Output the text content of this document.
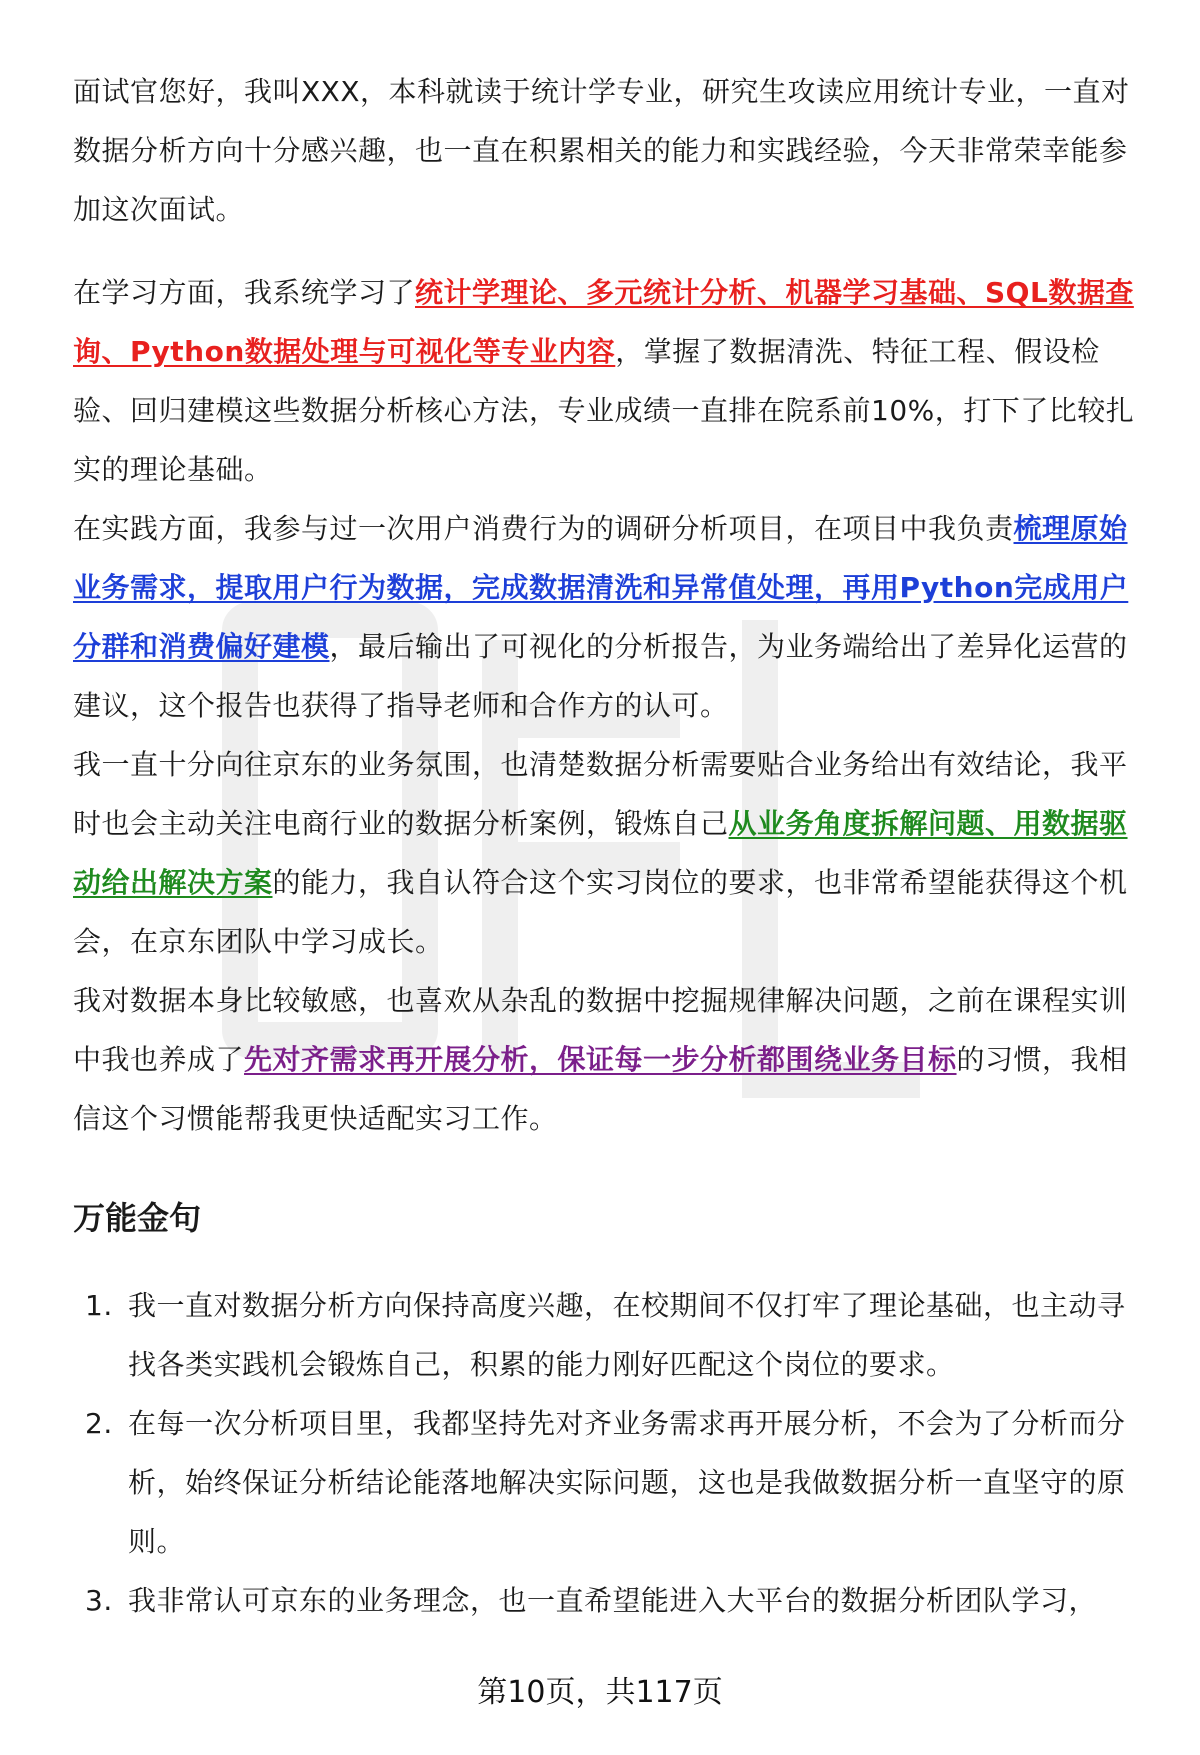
面试官您好，我叫XXX，本科就读于统计学专业，研究生攻读应用统计专业，一直对数据分析方向十分感兴趣，也一直在积累相关的能力和实践经验，今天非常荣幸能参加这次面试。

在学习方面，我系统学习了统计学理论、多元统计分析、机器学习基础、SQL数据查询、Python数据处理与可视化等专业内容，掌握了数据清洗、特征工程、假设检验、回归建模这些数据分析核心方法，专业成绩一直排在院系前10%，打下了比较扎实的理论基础。

在实践方面，我参与过一次用户消费行为的调研分析项目，在项目中我负责梳理原始业务需求，提取用户行为数据，完成数据清洗和异常值处理，再用Python完成用户分群和消费偏好建模，最后输出了可视化的分析报告，为业务端给出了差异化运营的建议，这个报告也获得了指导老师和合作方的认可。

我一直十分向往京东的业务氛围，也清楚数据分析需要贴合业务给出有效结论，我平时也会主动关注电商行业的数据分析案例，锻炼自己从业务角度拆解问题、用数据驱动给出解决方案的能力，我自认符合这个实习岗位的要求，也非常希望能获得这个机会，在京东团队中学习成长。

我对数据本身比较敏感，也喜欢从杂乱的数据中挖掘规律解决问题，之前在课程实训中我也养成了先对齐需求再开展分析，保证每一步分析都围绕业务目标的习惯，我相信这个习惯能帮我更快适配实习工作。

万能金句
1. 我一直对数据分析方向保持高度兴趣，在校期间不仅打牢了理论基础，也主动寻找各类实践机会锻炼自己，积累的能力刚好匹配这个岗位的要求。
2. 在每一次分析项目里，我都坚持先对齐业务需求再开展分析，不会为了分析而分析，始终保证分析结论能落地解决实际问题，这也是我做数据分析一直坚守的原则。
3. 我非常认可京东的业务理念，也一直希望能进入大平台的数据分析团队学习，
第10页，共117页
